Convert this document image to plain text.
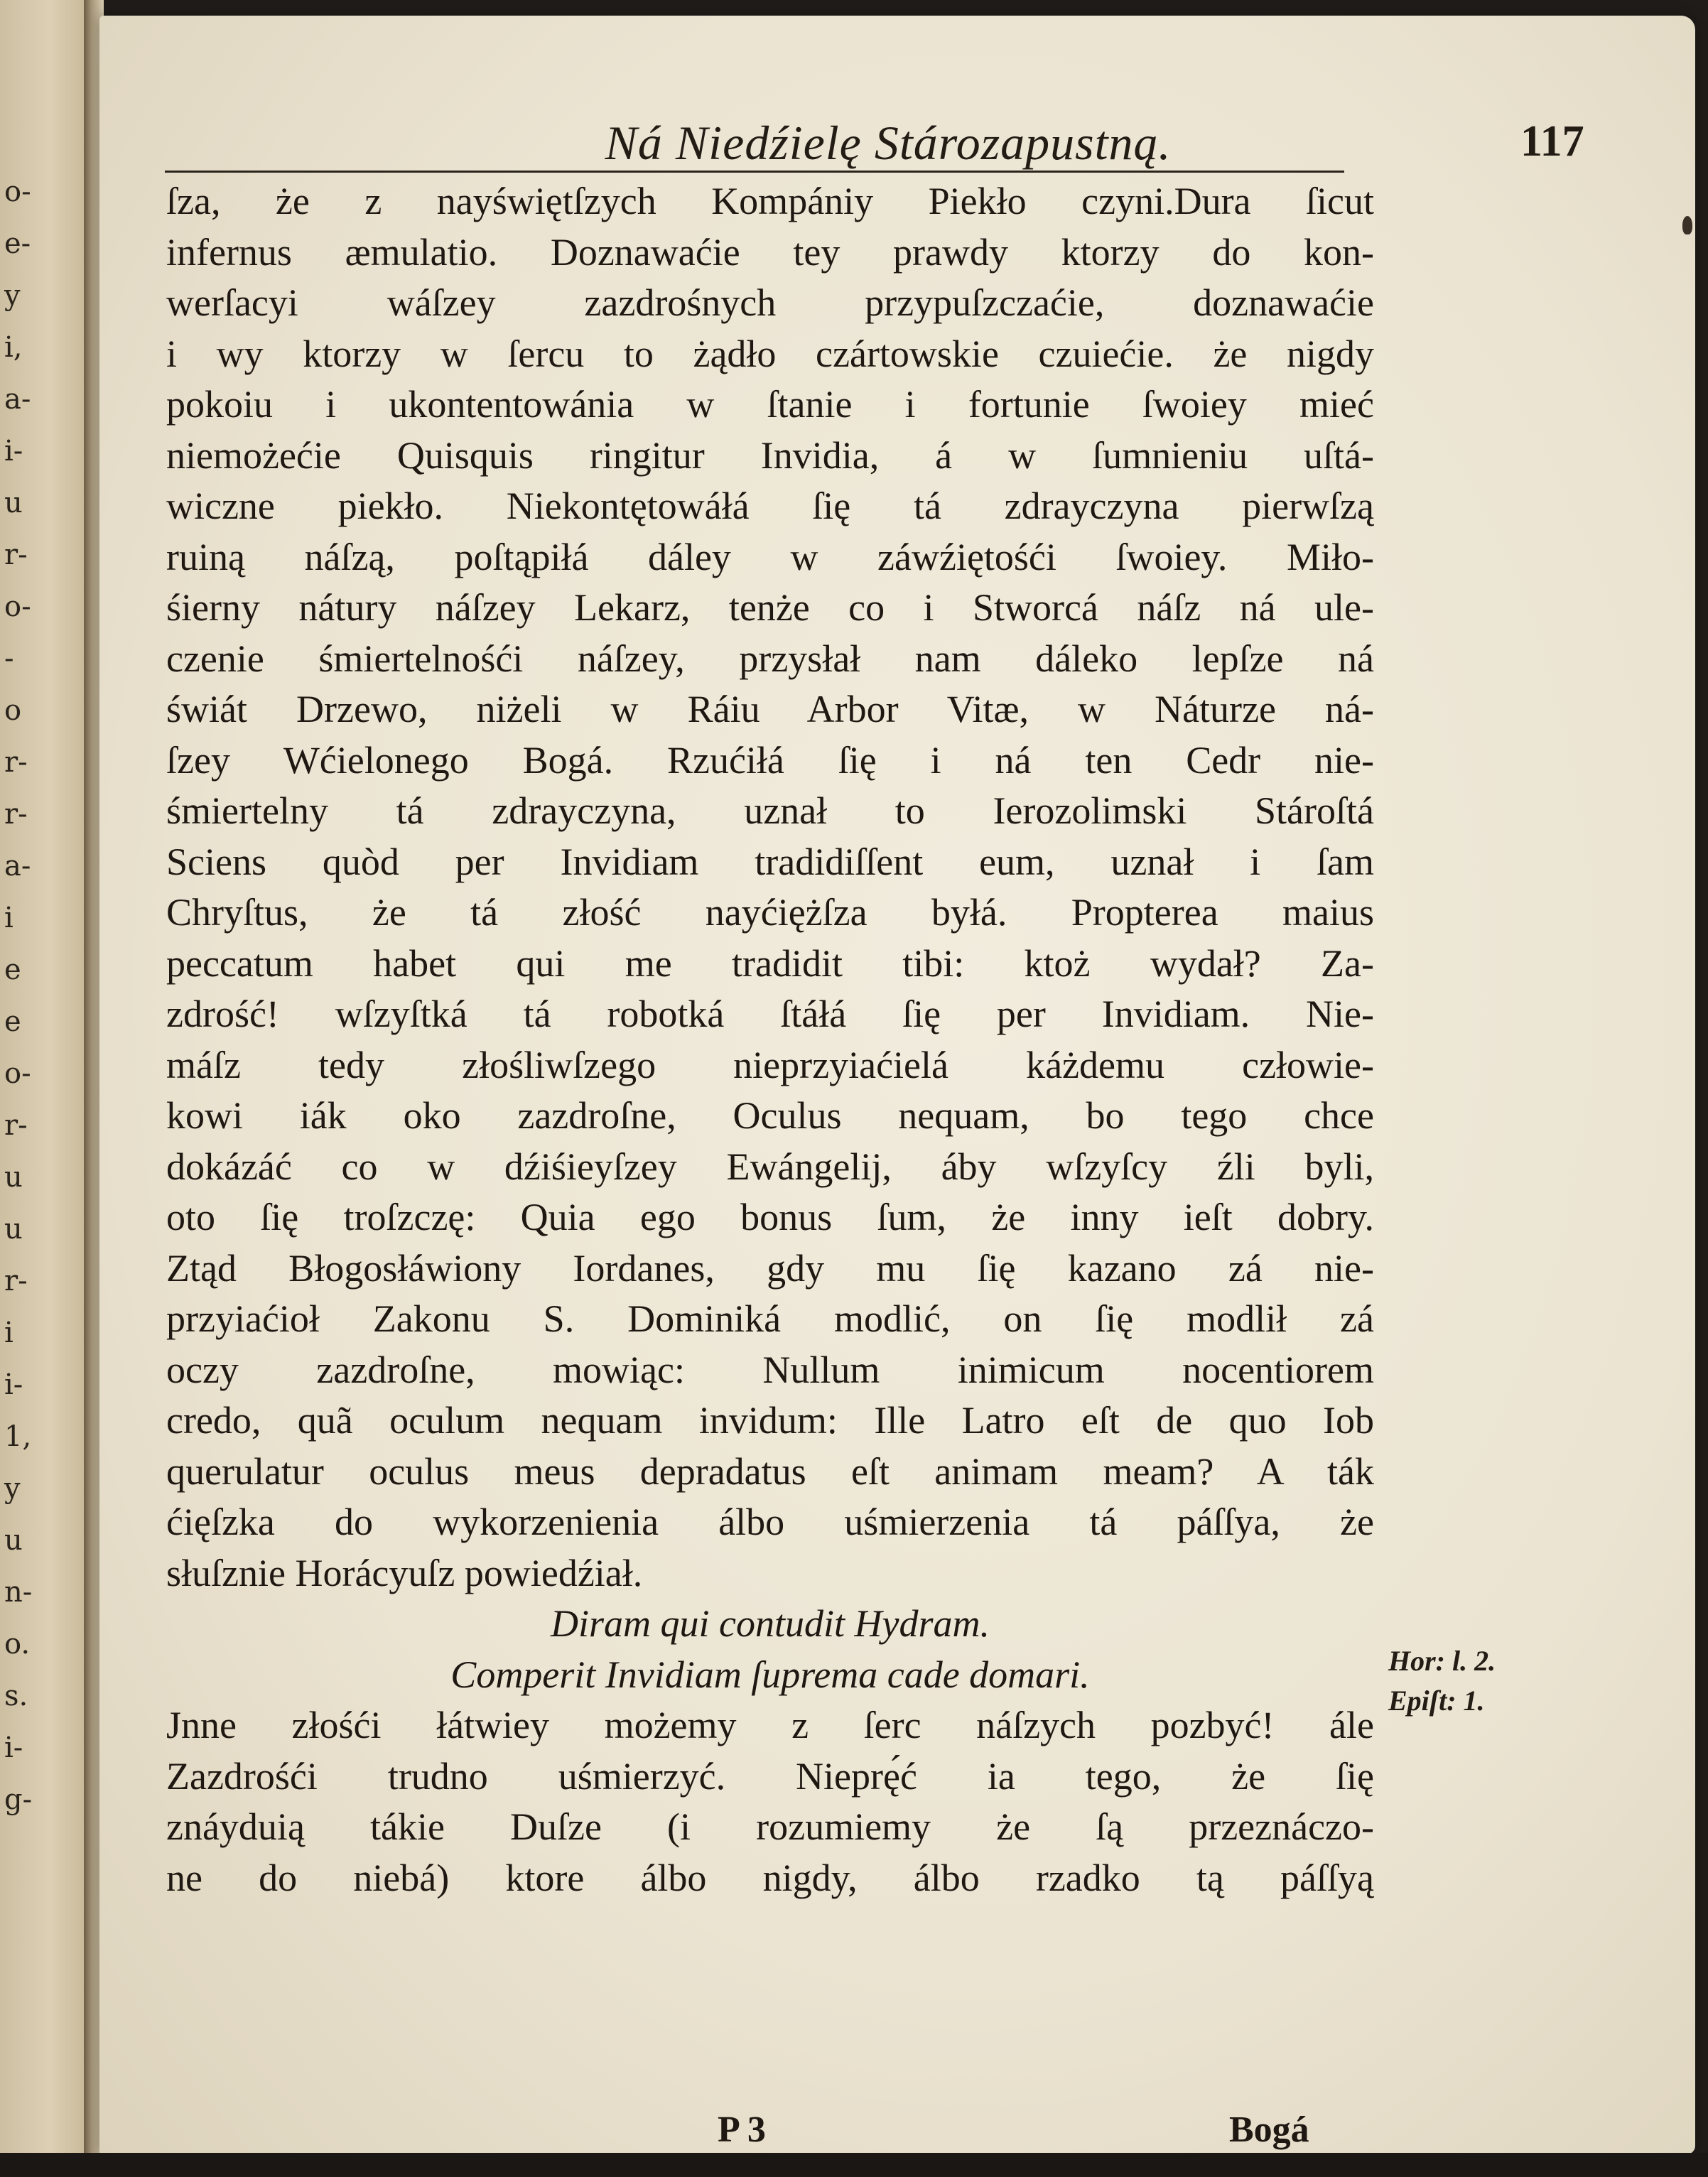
o-
e-
y
i,
a-
i-
u
r-
o-
-
o
r-
r-
a-
i
e
e
o-
r-
u
u
r-
i
i-
1,
y
u
n-
o.
s.
i-
g-
Ná Niedźielę Stározapustną.	117
ſza, że z nayświętſzych Kompániy Piekło czyni.Dura ſicut
infernus æmulatio. Doznawaćie tey prawdy ktorzy do kon-
werſacyi wáſzey zazdrośnych przypuſzczaćie, doznawaćie
i wy ktorzy w ſercu to żądło czártowskie czuiećie. że nigdy
pokoiu i ukontentowánia w ſtanie i fortunie ſwoiey mieć
niemożećie Quisquis ringitur Invidia, á w ſumnieniu uſtá-
wiczne piekło. Niekontętowáłá ſię tá zdrayczyna pierwſzą
ruiną náſzą, poſtąpiłá dáley w záwźiętośći ſwoiey. Miło-
śierny nátury náſzey Lekarz, tenże co i Stworcá náſz ná ule-
czenie śmiertelnośći náſzey, przysłał nam dáleko lepſze ná
świát Drzewo, niżeli w Ráiu Arbor Vitæ, w Náturze ná-
ſzey Wćielonego Bogá. Rzućiłá ſię i ná ten Cedr nie-
śmiertelny tá zdrayczyna, uznał to Ierozolimski Stároſtá
Sciens quòd per Invidiam tradidiſſent eum, uznał i ſam
Chryſtus, że tá złość nayćiężſza byłá. Propterea maius
peccatum habet qui me tradidit tibi: ktoż wydał? Za-
zdrość! wſzyſtká tá robotká ſtáłá ſię per Invidiam. Nie-
máſz tedy złośliwſzego nieprzyiaćielá káżdemu człowie-
kowi iák oko zazdroſne, Oculus nequam, bo tego chce
dokázáć co w dźiśieyſzey Ewángelij, áby wſzyſcy źli byli,
oto ſię troſzczę: Quia ego bonus ſum, że inny ieſt dobry.
Ztąd Błogosłáwiony Iordanes, gdy mu ſię kazano zá nie-
przyiaćioł Zakonu S. Dominiká modlić, on ſię modlił zá
oczy zazdroſne, mowiąc: Nullum inimicum nocentiorem
credo, quã oculum nequam invidum: Ille Latro eſt de quo Iob
querulatur oculus meus depradatus eſt animam meam? A ták
ćięſzka do wykorzenienia álbo uśmierzenia tá páſſya, że
słuſznie Horácyuſz powiedźiał.
Diram qui contudit Hydram.
Comperit Invidiam ſuprema cade domari.
Jnne złośći łátwiey możemy z ſerc náſzych pozbyć! ále
Zazdrośći trudno uśmierzyć. Nieprę́ć ia tego, że ſię
znáyduią tákie Duſze (i rozumiemy że ſą przeznáczo-
ne do niebá) ktore álbo nigdy, álbo rzadko tą páſſyą
Hor: l. 2.
Epiſt: 1.
P 3	Bogá
